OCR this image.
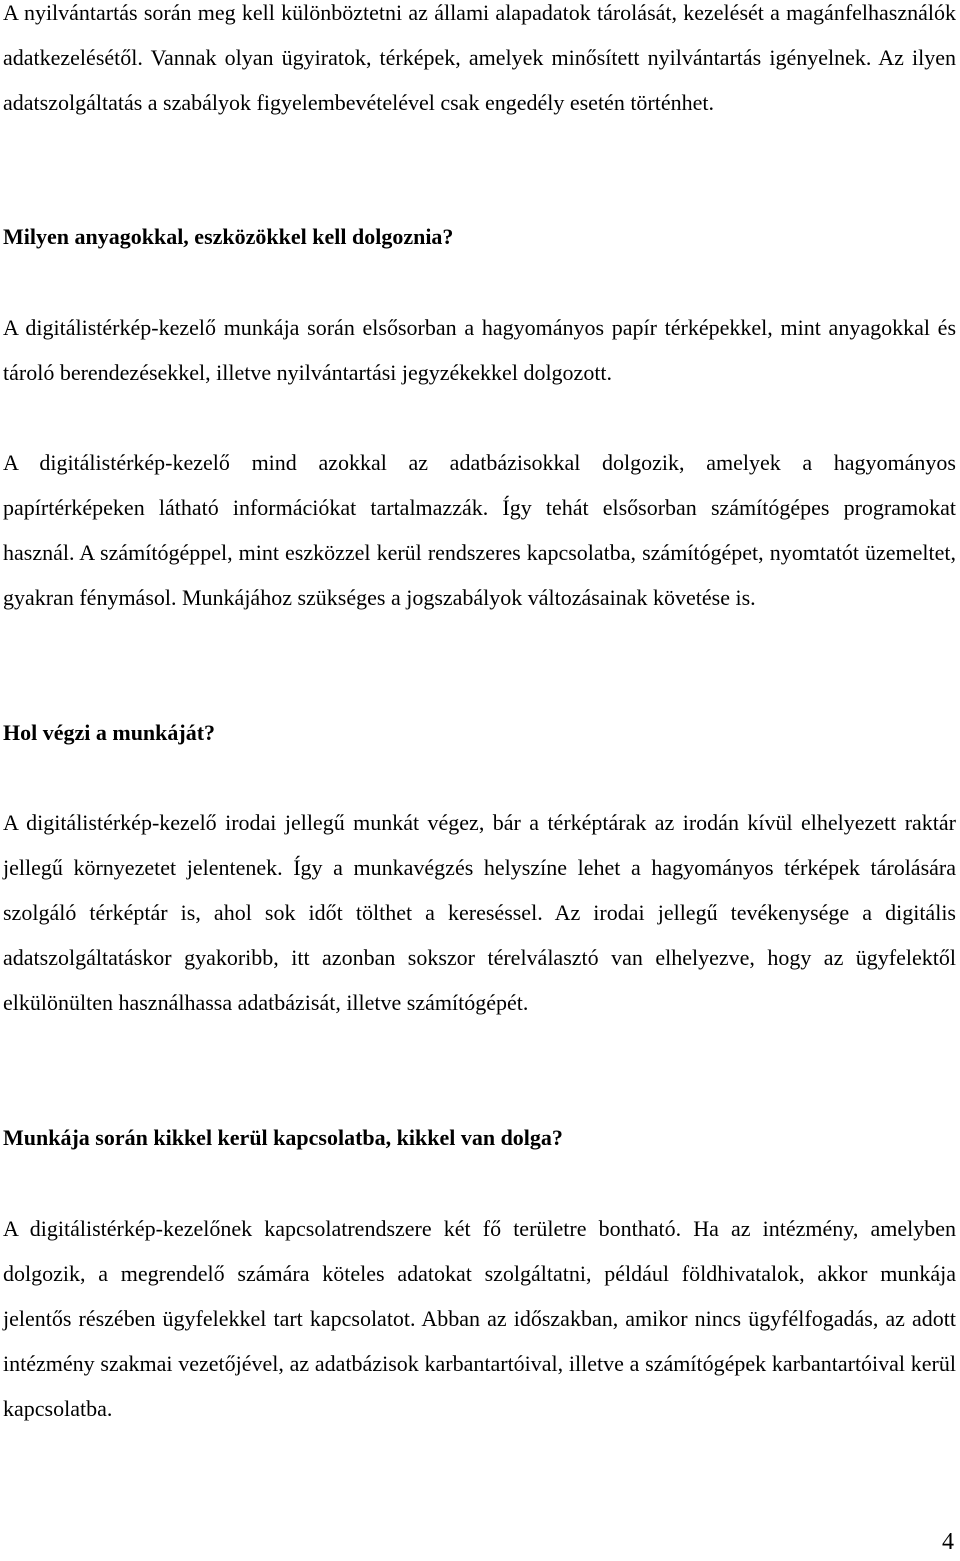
A nyilvántartás során meg kell különböztetni az állami alapadatok tárolását, kezelését a magánfelhasználók adatkezelésétől. Vannak olyan ügyiratok, térképek, amelyek minősített nyilvántartás igényelnek. Az ilyen adatszolgáltatás a szabályok figyelembevételével csak engedély esetén történhet.

Milyen anyagokkal, eszközökkel kell dolgoznia?

A digitálistérkép-kezelő munkája során elsősorban a hagyományos papír térképekkel, mint anyagokkal és tároló berendezésekkel, illetve nyilvántartási jegyzékekkel dolgozott.

A digitálistérkép-kezelő mind azokkal az adatbázisokkal dolgozik, amelyek a hagyományos papírtérképeken látható információkat tartalmazzák. Így tehát elsősorban számítógépes programokat használ. A számítógéppel, mint eszközzel kerül rendszeres kapcsolatba, számítógépet, nyomtatót üzemeltet, gyakran fénymásol. Munkájához szükséges a jogszabályok változásainak követése is.

Hol végzi a munkáját?

A digitálistérkép-kezelő irodai jellegű munkát végez, bár a térképtárak az irodán kívül elhelyezett raktár jellegű környezetet jelentenek. Így a munkavégzés helyszíne lehet a hagyományos térképek tárolására szolgáló térképtár is, ahol sok időt tölthet a kereséssel. Az irodai jellegű tevékenysége a digitális adatszolgáltatáskor gyakoribb, itt azonban sokszor térelválasztó van elhelyezve, hogy az ügyfelektől elkülönülten használhassa adatbázisát, illetve számítógépét.

Munkája során kikkel kerül kapcsolatba, kikkel van dolga?

A digitálistérkép-kezelőnek kapcsolatrendszere két fő területre bontható. Ha az intézmény, amelyben dolgozik, a megrendelő számára köteles adatokat szolgáltatni, például földhivatalok, akkor munkája jelentős részében ügyfelekkel tart kapcsolatot. Abban az időszakban, amikor nincs ügyfélfogadás, az adott intézmény szakmai vezetőjével, az adatbázisok karbantartóival, illetve a számítógépek karbantartóival kerül kapcsolatba.

4
